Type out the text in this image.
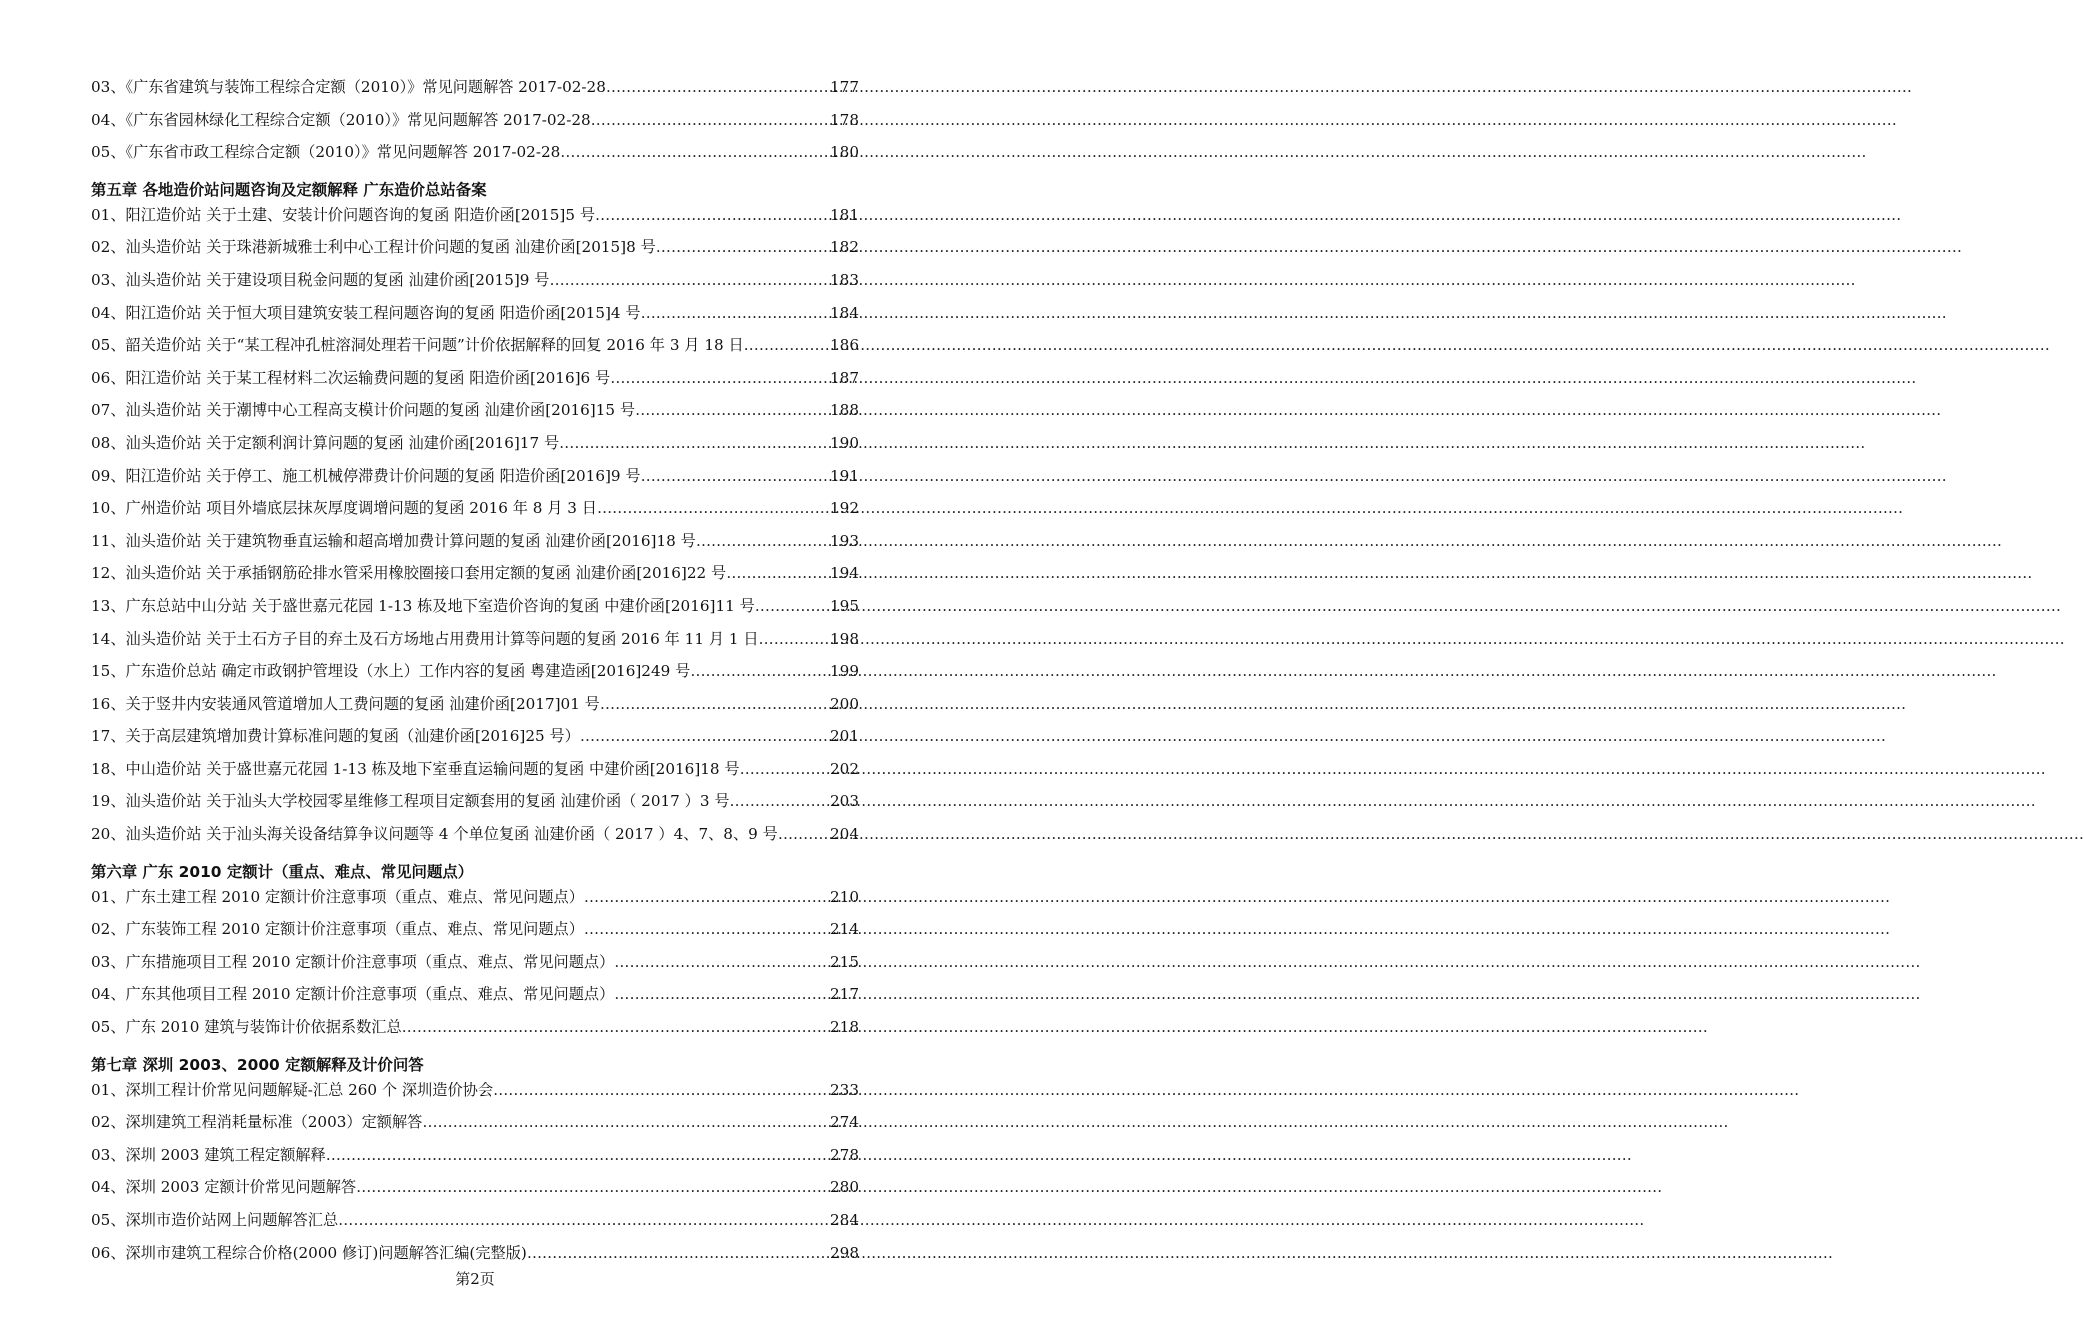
03、《广东省建筑与装饰工程综合定额（2010）》常见问题解答 2017-02-28 ……………………………………………………………………………………………………………………………………………………………………………………………………………………………………	177
04、《广东省园林绿化工程综合定额（2010）》常见问题解答 2017-02-28 ……………………………………………………………………………………………………………………………………………………………………………………………………………………………………	178
05、《广东省市政工程综合定额（2010）》常见问题解答 2017-02-28 ……………………………………………………………………………………………………………………………………………………………………………………………………………………………………	180
第五章 各地造价站问题咨询及定额解释 广东造价总站备案
01、阳江造价站 关于土建、安装计价问题咨询的复函 阳造价函[2015]5 号 ……………………………………………………………………………………………………………………………………………………………………………………………………………………………………	181
02、汕头造价站 关于珠港新城雅士利中心工程计价问题的复函 汕建价函[2015]8 号 ……………………………………………………………………………………………………………………………………………………………………………………………………………………………………	182
03、汕头造价站 关于建设项目税金问题的复函 汕建价函[2015]9 号 ……………………………………………………………………………………………………………………………………………………………………………………………………………………………………	183
04、阳江造价站 关于恒大项目建筑安装工程问题咨询的复函 阳造价函[2015]4 号 ……………………………………………………………………………………………………………………………………………………………………………………………………………………………………	184
05、韶关造价站 关于“某工程冲孔桩溶洞处理若干问题”计价依据解释的回复 2016 年 3 月 18 日 ……………………………………………………………………………………………………………………………………………………………………………………………………………………………………	186
06、阳江造价站 关于某工程材料二次运输费问题的复函 阳造价函[2016]6 号 ……………………………………………………………………………………………………………………………………………………………………………………………………………………………………	187
07、汕头造价站 关于潮博中心工程高支模计价问题的复函 汕建价函[2016]15 号 ……………………………………………………………………………………………………………………………………………………………………………………………………………………………………	188
08、汕头造价站 关于定额利润计算问题的复函 汕建价函[2016]17 号 ……………………………………………………………………………………………………………………………………………………………………………………………………………………………………	190
09、阳江造价站 关于停工、施工机械停滞费计价问题的复函 阳造价函[2016]9 号 ……………………………………………………………………………………………………………………………………………………………………………………………………………………………………	191
10、广州造价站 项目外墙底层抹灰厚度调增问题的复函 2016 年 8 月 3 日 ……………………………………………………………………………………………………………………………………………………………………………………………………………………………………	192
11、汕头造价站 关于建筑物垂直运输和超高增加费计算问题的复函 汕建价函[2016]18 号 ……………………………………………………………………………………………………………………………………………………………………………………………………………………………………	193
12、汕头造价站 关于承插钢筋砼排水管采用橡胶圈接口套用定额的复函 汕建价函[2016]22 号 ……………………………………………………………………………………………………………………………………………………………………………………………………………………………………	194
13、广东总站中山分站 关于盛世嘉元花园 1-13 栋及地下室造价咨询的复函 中建价函[2016]11 号 ……………………………………………………………………………………………………………………………………………………………………………………………………………………………………	195
14、汕头造价站 关于土石方子目的弃土及石方场地占用费用计算等问题的复函 2016 年 11 月 1 日 ……………………………………………………………………………………………………………………………………………………………………………………………………………………………………	198
15、广东造价总站 确定市政钢护管埋设（水上）工作内容的复函 粤建造函[2016]249 号 ……………………………………………………………………………………………………………………………………………………………………………………………………………………………………	199
16、关于竖井内安装通风管道增加人工费问题的复函 汕建价函[2017]01 号 ……………………………………………………………………………………………………………………………………………………………………………………………………………………………………	200
17、关于高层建筑增加费计算标准问题的复函（汕建价函[2016]25 号） ……………………………………………………………………………………………………………………………………………………………………………………………………………………………………	201
18、中山造价站 关于盛世嘉元花园 1-13 栋及地下室垂直运输问题的复函 中建价函[2016]18 号 ……………………………………………………………………………………………………………………………………………………………………………………………………………………………………	202
19、汕头造价站 关于汕头大学校园零星维修工程项目定额套用的复函 汕建价函（ 2017 ）3 号 ……………………………………………………………………………………………………………………………………………………………………………………………………………………………………	203
20、汕头造价站 关于汕头海关设备结算争议问题等 4 个单位复函 汕建价函（ 2017 ）4、7、8、9 号 ……………………………………………………………………………………………………………………………………………………………………………………………………………………………………	204
第六章 广东 2010 定额计（重点、难点、常见问题点）
01、广东土建工程 2010 定额计价注意事项（重点、难点、常见问题点） ……………………………………………………………………………………………………………………………………………………………………………………………………………………………………	210
02、广东装饰工程 2010 定额计价注意事项（重点、难点、常见问题点） ……………………………………………………………………………………………………………………………………………………………………………………………………………………………………	214
03、广东措施项目工程 2010 定额计价注意事项（重点、难点、常见问题点） ……………………………………………………………………………………………………………………………………………………………………………………………………………………………………	215
04、广东其他项目工程 2010 定额计价注意事项（重点、难点、常见问题点） ……………………………………………………………………………………………………………………………………………………………………………………………………………………………………	217
05、广东 2010 建筑与装饰计价依据系数汇总 ……………………………………………………………………………………………………………………………………………………………………………………………………………………………………	218
第七章 深圳 2003、2000 定额解释及计价问答
01、深圳工程计价常见问题解疑-汇总 260 个 深圳造价协会 ……………………………………………………………………………………………………………………………………………………………………………………………………………………………………	233
02、深圳建筑工程消耗量标准（2003）定额解答 ……………………………………………………………………………………………………………………………………………………………………………………………………………………………………	274
03、深圳 2003 建筑工程定额解释 ……………………………………………………………………………………………………………………………………………………………………………………………………………………………………	278
04、深圳 2003 定额计价常见问题解答 ……………………………………………………………………………………………………………………………………………………………………………………………………………………………………	280
05、深圳市造价站网上问题解答汇总 ……………………………………………………………………………………………………………………………………………………………………………………………………………………………………	284
06、深圳市建筑工程综合价格(2000 修订)问题解答汇编(完整版) ……………………………………………………………………………………………………………………………………………………………………………………………………………………………………	298
第2页
